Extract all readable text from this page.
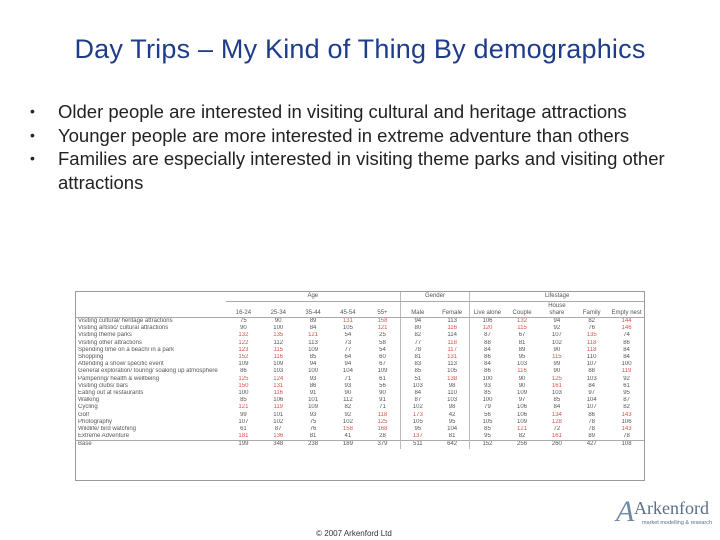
Day Trips – My Kind of Thing By demographics
• Older people are interested in visiting cultural and heritage attractions
• Younger people are more interested in extreme adventure than others
• Families are especially interested in visiting theme parks and visiting other attractions
	Age					Gender		Lifestage				
	16-24	25-34	35-44	45-54	55+	Male	Female	Live alone	Couple	House share	Family	Empty nest
Visiting cultural/ heritage attractions	75	90	89	131	158	94	113	106	132	94	82	144
Visiting artistic/ cultural attractions	90	100	84	105	121	80	116	120	115	92	76	146
Visiting theme parks	132	135	121	54	25	82	114	87	67	107	135	74
Visiting other attractions	122	112	113	73	58	77	118	88	81	102	118	86
Spending time on a beach/ in a park	123	115	109	77	54	78	117	84	89	90	118	84
Shopping	152	116	85	64	60	81	131	86	95	115	110	84
Attending a show/ specific event	109	109	94	94	67	83	113	84	103	99	107	100
General exploration/ touring/ soaking up atmosphere	86	103	100	104	109	85	105	86	116	90	88	119
Pampering/ health & wellbeing	125	124	93	71	61	51	138	100	90	125	103	92
Visiting clubs/ bars	150	131	86	93	56	103	98	93	90	161	84	61
Eating out at restaurants	100	116	91	90	90	84	110	85	109	103	97	95
Walking	85	106	101	112	91	87	103	100	97	85	104	87
Cycling	121	119	109	82	71	102	98	79	106	84	107	82
Golf	99	101	93	92	118	173	42	56	106	134	86	143
Photography	107	102	75	102	125	105	95	105	109	128	78	106
Wildlife/ bird watching	61	87	76	158	168	95	104	85	121	72	78	143
Extreme Adventure	181	136	81	41	28	137	81	95	82	161	89	78
Base	199	348	238	189	379	511	642	152	256	260	427	108
© 2007 Arkenford Ltd
A Arkenford
market modelling & research
